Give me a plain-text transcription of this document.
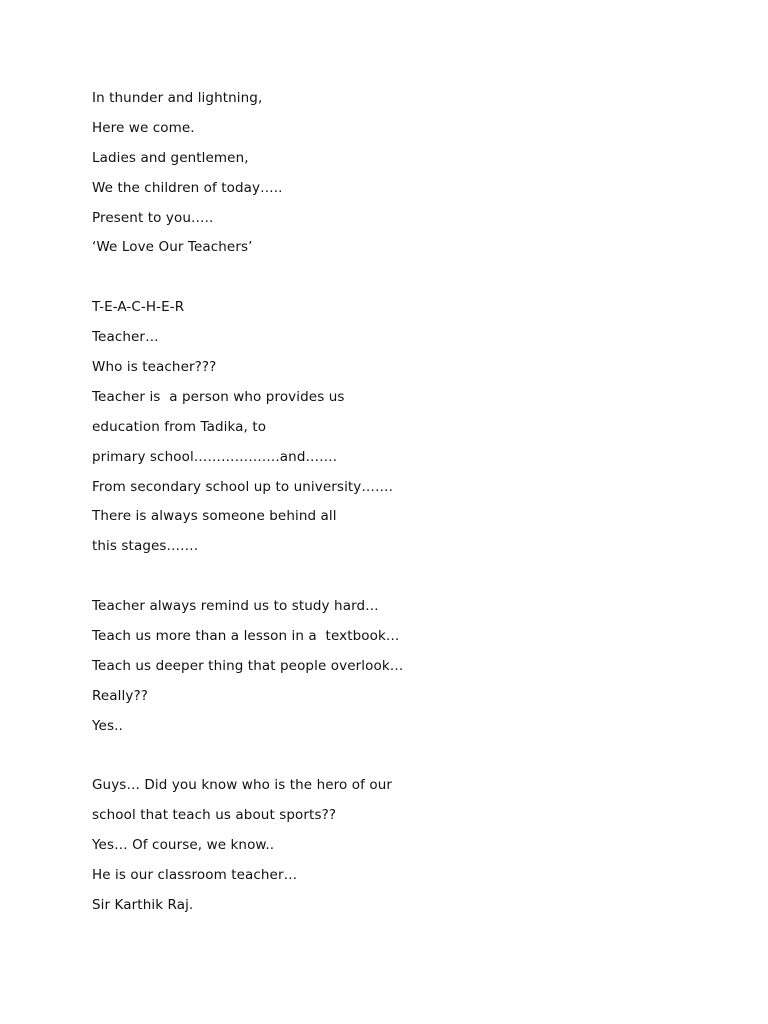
In thunder and lightning,
Here we come.
Ladies and gentlemen,
We the children of today…..
Present to you…..
‘We Love Our Teachers’
T-E-A-C-H-E-R
Teacher…
Who is teacher???
Teacher is  a person who provides us
education from Tadika, to
primary school……………….and…….
From secondary school up to university…….
There is always someone behind all
this stages…….
Teacher always remind us to study hard…
Teach us more than a lesson in a  textbook…
Teach us deeper thing that people overlook…
Really??
Yes..
Guys… Did you know who is the hero of our
school that teach us about sports??
Yes… Of course, we know..
He is our classroom teacher…
Sir Karthik Raj.
